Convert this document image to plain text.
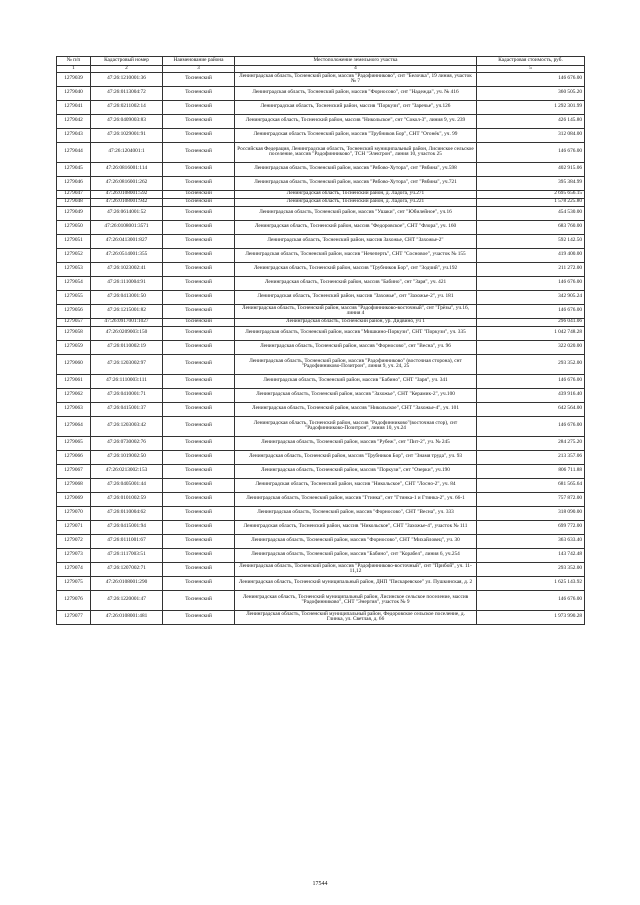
№ п/п	Кадастровый номер	Наименование района	Местоположение земельного участка	Кадастровая стоимость, руб.
1	2	3	4	5
1279039	47:26:1210001:36	Тосненский	Ленинградская область, Тосненский район, массив "Радофинниково", снт "Белочка", 19 линия, участок № 7	146 676.00
1279040	47:26:0113004:72	Тосненский	Ленинградская область, Тосненский район, массив "Форносово", снт "Надежда", уч. № 416	360 505.20
1279041	47:26:0211002:14	Тосненский	Ленинградская область, Тосненский район, массив "Поркузи", снт "Заречье", уч.126	1 292 301.99
1279042	47:26:0409003:83	Тосненский	Ленинградская область, Тосненский район, массив "Никольское", снт "Сокол-3", линия 9, уч. 239	426 145.80
1279043	47:26:1029001:91	Тосненский	Ленинградская область Тосненский район, массив "Трубников Бор", СНТ "Огонёк", уч. 99	312 084.00
1279044	47:26:1204001:1	Тосненский	Российская Федерация, Ленинградская область, Тосненский муниципальный район, Лисинское сельское поселение, массив "Радофинниково", ТСН "Электрон", линия 10, участок 25	146 676.00
1279045	47:26:0816001:114	Тосненский	Ленинградская область, Тосненский район, массив "Рябово-Хутора", снт "Рябина", уч.598	402 915.06
1279046	47:26:0816001:262	Тосненский	Ленинградская область, Тосненский район, массив "Рябово-Хутора", снт "Рябина", уч.721	395 384.99
1279047	47:26:0108001:592	Тосненский	Ленинградская область, Тосненский район, д. Ладога, уч.271	2 695 656.15
1279048	47:26:0108001:942	Тосненский	Ленинградская область, Тосненский район, д. Ладога, уч.221	1 578 225.80
1279049	47:26:0614001:52	Тосненский	Ленинградская область, Тосненский район, массив "Ушаки", снт "Юбилейное", уч.16	454 530.00
1279050	47:26:0108001:3571	Тосненский	Ленинградская область, Тосненский район, массив "Федоровское", СНТ "Флора", уч. 160	683 760.00
1279051	47:26:0413001:827	Тосненский	Ленинградская область, Тосненский район, массив Захожье, СНТ "Захожье-2"	592 142.50
1279052	47:26:0514001:355	Тосненский	Ленинградская область, Тосненский район, массив "Нечеперть", СНТ "Сосновое", участок № 155	419 400.00
1279053	47:26:1023002:41	Тосненский	Ленинградская область, Тосненский район, массив "Трубников Бор", снт "Зодчий", уч.192	211 272.00
1279054	47:26:1110004:91	Тосненский	Ленинградская область, Тосненский район, массив "Бабино", снт "Заря", уч. 421	146 676.00
1279055	47:26:0413001:50	Тосненский	Ленинградская область, Тосненский район, массив "Захожье", снт "Захожье-2", уч. 181	342 905.24
1279056	47:26:1215001:82	Тосненский	Ленинградская область, Тосненский район, массив "Радофинниково-восточный", снт "Грёзы", уч.16, линия 4	146 676.00
1279057	47:26:0917001:1027	Тосненский	Ленинградская область, Тосненский район, ур. Дидвино, уч 1	296 041.06
1279058	47:26:0209003:150	Тосненский	Ленинградская область, Тосненский район, массив "Мишкино-Поркузи", СНТ "Поркузи", уч. 335	1 042 748.28
1279059	47:26:0110002:19	Тосненский	Ленинградская область, Тосненский район, массив "Форносово", снт "Весна", уч. 96	322 020.00
1279060	47:26:1203002:97	Тосненский	Ленинградская область, Тосненский район, массив "Радофинниково" (восточная сторона), снт "Радофинниково-Позитрон", линия 9, уч. 24, 25	293 352.00
1279061	47:26:1110003:111	Тосненский	Ленинградская область, Тосненский район, массив "Бабино", СНТ "Заря", уч. 341	146 676.00
1279062	47:26:0410001:71	Тосненский	Ленинградская область, Тосненский район, массив "Захожье", СНТ "Керамик-2", уч.100	439 916.40
1279063	47:26:0415001:37	Тосненский	Ленинградская область, Тосненский район, массив "Никольское", СНТ "Захожье-4", уч. 101	642 564.00
1279064	47:26:1203003:42	Тосненский	Ленинградская область, Тосненский район, массив "Радофинниково"(восточная стор), снт "Радофинниково-Позитрон", линия 10, уч.24	146 676.00
1279065	47:26:0730002:76	Тосненский	Ленинградская область, Тосненский район, массив "Рубеж", снт "Пит-2", уч. № 245	284 275.20
1279066	47:26:1019002:50	Тосненский	Ленинградская область, Тосненский район, массив "Трубников Бор", снт "Знамя труда", уч. 93	213 357.06
1279067	47:26:0213002:153	Тосненский	Ленинградская область, Тосненский район, массив "Поркузи", снт "Озерки", уч.190	806 711.88
1279068	47:26:0405001:44	Тосненский	Ленинградская область, Тосненский район, массив "Никольское", СНТ "Лосно-2", уч. 84	681 565.64
1279069	47:26:0101002:59	Тосненский	Ленинградская область, Тосненский район, массив "Гтинка", снт "Гтинка-1 и Гтинка-2", уч. 66-1	757 872.00
1279070	47:26:0110004:62	Тосненский	Ленинградская область, Тосненский район, массив "Форносово", СНТ "Весна", уч. 333	318 090.00
1279071	47:26:0415001:94	Тосненский	Ленинградская область, Тосненский район, массив "Никольское", СНТ "Захожье-4", участок № 111	699 772.00
1279072	47:26:0111001:67	Тосненский	Ленинградская область, Тосненский район, массив "Форносово", СНТ "Михайловец", уч. 30	363 633.40
1279073	47:26:1117003:51	Тосненский	Ленинградская область, Тосненский район, массив "Бабино", снт "Корабел", линия 6, уч.254	143 742.48
1279074	47:26:1207002:71	Тосненский	Ленинградская область, Тосненский район, массив "Радофинниково-восточный", снт "Прибой", уч. 11-11,12	293 352.00
1279075	47:26:0108001:290	Тосненский	Ленинградская область, Тосненский муниципальный район, ДНП "Пискаревское" ул. Пушкинская, д. 2	1 625 143.92
1279076	47:26:1220001:47	Тосненский	Ленинградская область, Тосненский муниципальный район, Лисинское сельское поселение, массив "Радофинниково", СНТ "Энергия", участок № 9	146 676.00
1279077	47:26:0108001:481	Тосненский	Ленинградская область, Тосненский муниципальный район, Федоровское сельское поселение, д. Глинка, ул. Светлая, д. 66	1 973 990.28
17544
